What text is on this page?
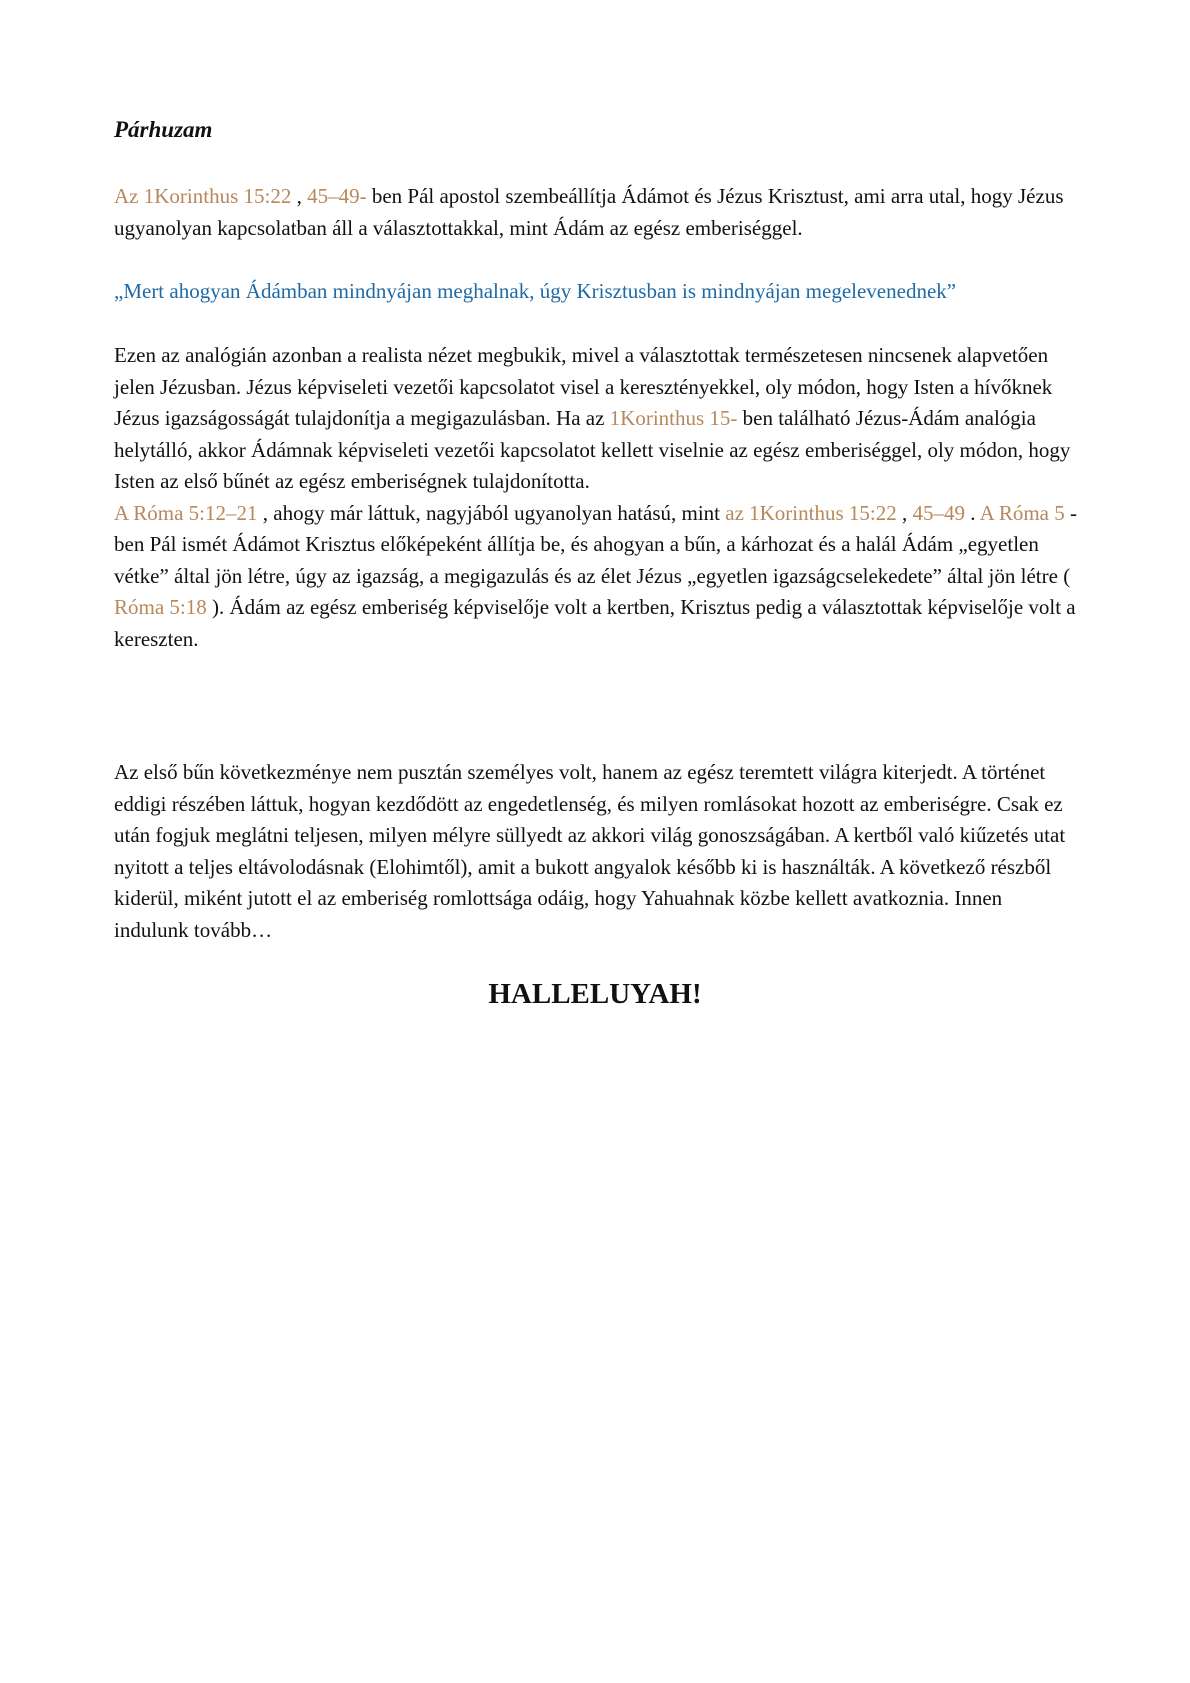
Párhuzam

Az 1Korinthus 15:22 , 45–49- ben Pál apostol szembeállítja Ádámot és Jézus Krisztust, ami arra utal, hogy Jézus ugyanolyan kapcsolatban áll a választottakkal, mint Ádám az egész emberiséggel.

„Mert ahogyan Ádámban mindnyájan meghalnak, úgy Krisztusban is mindnyájan megelevenednek”

Ezen az analógián azonban a realista nézet megbukik, mivel a választottak természetesen nincsenek alapvetően jelen Jézusban. Jézus képviseleti vezetői kapcsolatot visel a keresztényekkel, oly módon, hogy Isten a hívőknek Jézus igazságosságát tulajdonítja a megigazulásban. Ha az 1Korinthus 15- ben található Jézus-Ádám analógia helytálló, akkor Ádámnak képviseleti vezetői kapcsolatot kellett viselnie az egész emberiséggel, oly módon, hogy Isten az első bűnét az egész emberiségnek tulajdonította.
A Róma 5:12–21 , ahogy már láttuk, nagyjából ugyanolyan hatású, mint az 1Korinthus 15:22 , 45–49 . A Róma 5 -ben Pál ismét Ádámot Krisztus előképeként állítja be, és ahogyan a bűn, a kárhozat és a halál Ádám „egyetlen vétke” által jön létre, úgy az igazság, a megigazulás és az élet Jézus „egyetlen igazságcselekedete” által jön létre ( Róma 5:18 ). Ádám az egész emberiség képviselője volt a kertben, Krisztus pedig a választottak képviselője volt a kereszten.

Az első bűn következménye nem pusztán személyes volt, hanem az egész teremtett világra kiterjedt. A történet eddigi részében láttuk, hogyan kezdődött az engedetlenség, és milyen romlásokat hozott az emberiségre. Csak ez után fogjuk meglátni teljesen, milyen mélyre süllyedt az akkori világ gonoszságában. A kertből való kiűzetés utat nyitott a teljes eltávolodásnak (Elohimtől), amit a bukott angyalok később ki is használták. A következő részből kiderül, miként jutott el az emberiség romlottsága odáig, hogy Yahuahnak közbe kellett avatkoznia. Innen indulunk tovább…

HALLELUYAH!
